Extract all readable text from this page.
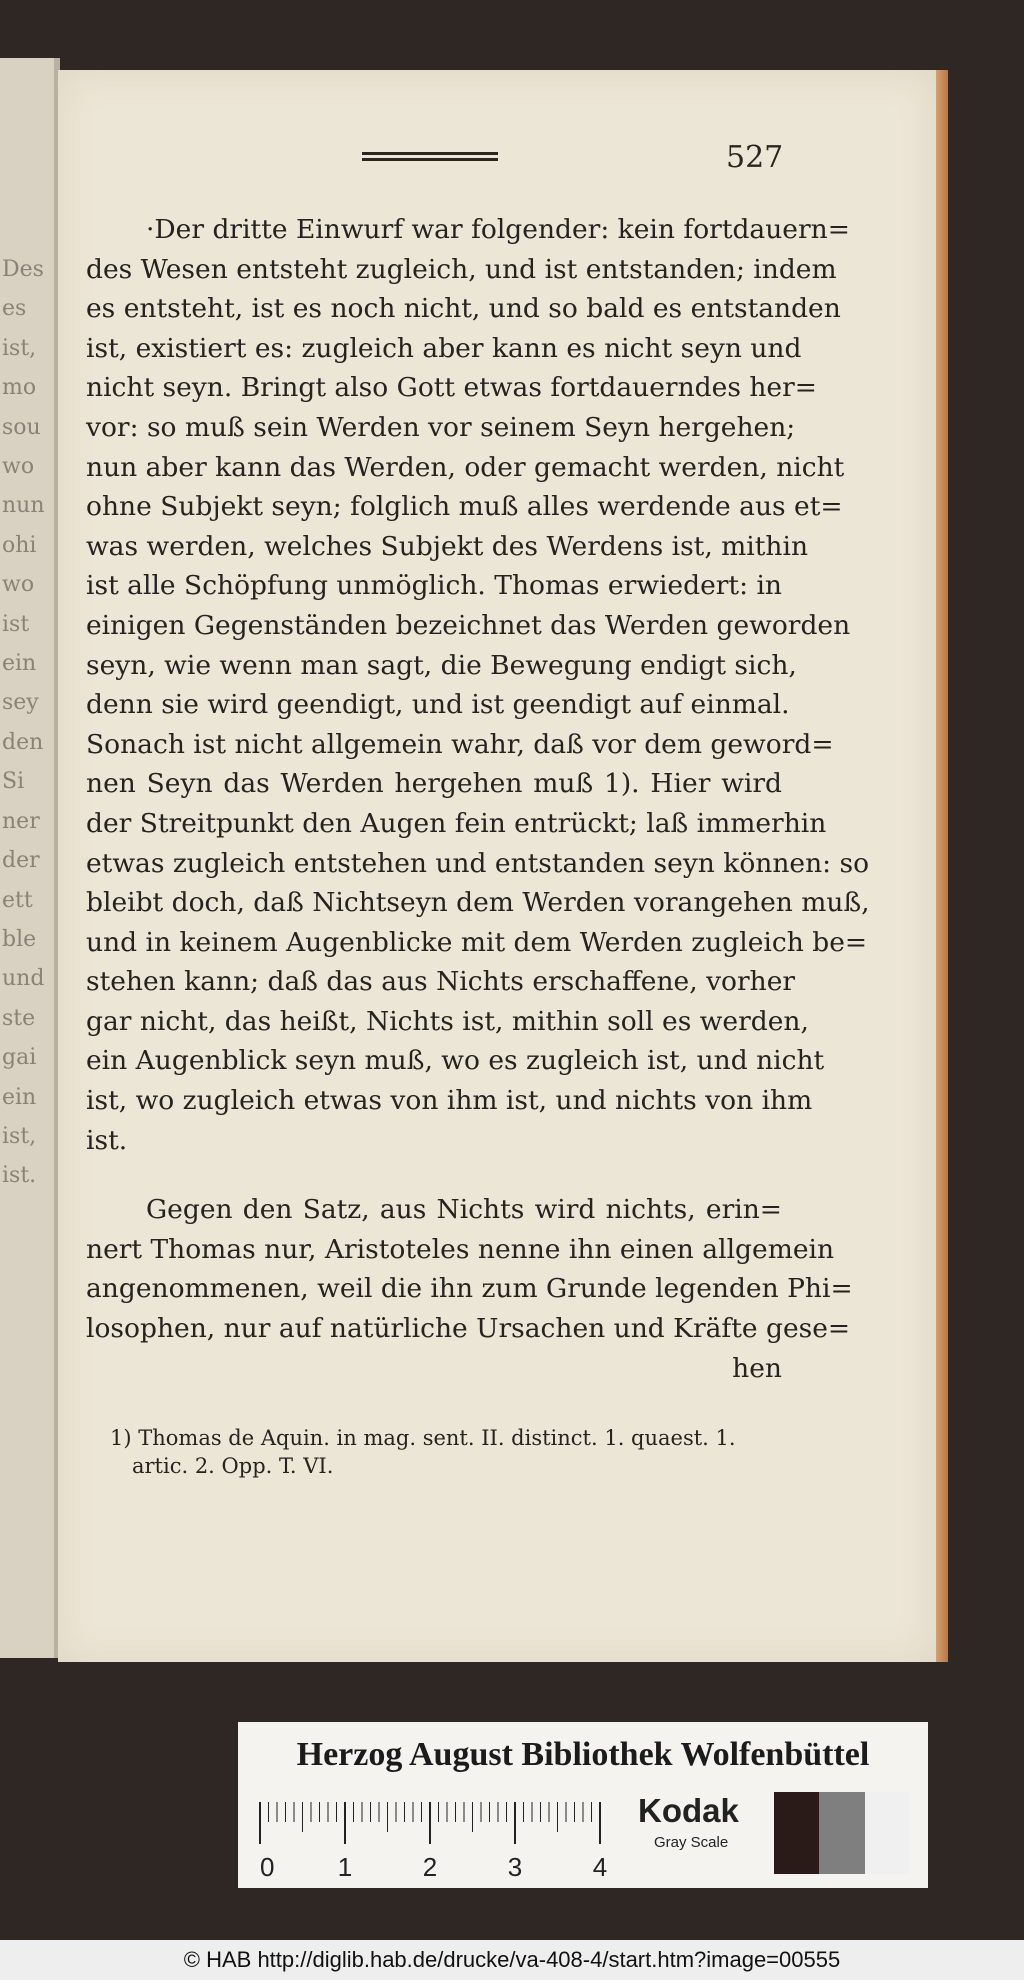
Des
es
ist,
mo
sou
wo
nun
ohi
wo
ist
ein
sey
den
Si
ner
der
ett
ble
und
ste
gai
ein
ist,
ist.
527
·Der dritte Einwurf war folgender: kein fortdauern=
des Wesen entsteht zugleich, und ist entstanden; indem
es entsteht, ist es noch nicht, und so bald es entstanden
ist, existiert es: zugleich aber kann es nicht seyn und
nicht seyn. Bringt also Gott etwas fortdauerndes her=
vor: so muß sein Werden vor seinem Seyn hergehen;
nun aber kann das Werden, oder gemacht werden, nicht
ohne Subjekt seyn; folglich muß alles werdende aus et=
was werden, welches Subjekt des Werdens ist, mithin
ist alle Schöpfung unmöglich. Thomas erwiedert: in
einigen Gegenständen bezeichnet das Werden geworden
seyn, wie wenn man sagt, die Bewegung endigt sich,
denn sie wird geendigt, und ist geendigt auf einmal.
Sonach ist nicht allgemein wahr, daß vor dem geword=
nen Seyn das Werden hergehen muß 1). Hier wird
der Streitpunkt den Augen fein entrückt; laß immerhin
etwas zugleich entstehen und entstanden seyn können: so
bleibt doch, daß Nichtseyn dem Werden vorangehen muß,
und in keinem Augenblicke mit dem Werden zugleich be=
stehen kann; daß das aus Nichts erschaffene, vorher
gar nicht, das heißt, Nichts ist, mithin soll es werden,
ein Augenblick seyn muß, wo es zugleich ist, und nicht
ist, wo zugleich etwas von ihm ist, und nichts von ihm
ist.
Gegen den Satz, aus Nichts wird nichts, erin=
nert Thomas nur, Aristoteles nenne ihn einen allgemein
angenommenen, weil die ihn zum Grunde legenden Phi=
losophen, nur auf natürliche Ursachen und Kräfte gese=
hen
1) Thomas de Aquin. in mag. sent. II. distinct. 1. quaest. 1.
artic. 2. Opp. T. VI.
Herzog August Bibliothek Wolfenbüttel
0 1	2	3	4
Kodak
Gray Scale
© HAB http://diglib.hab.de/drucke/va-408-4/start.htm?image=00555
